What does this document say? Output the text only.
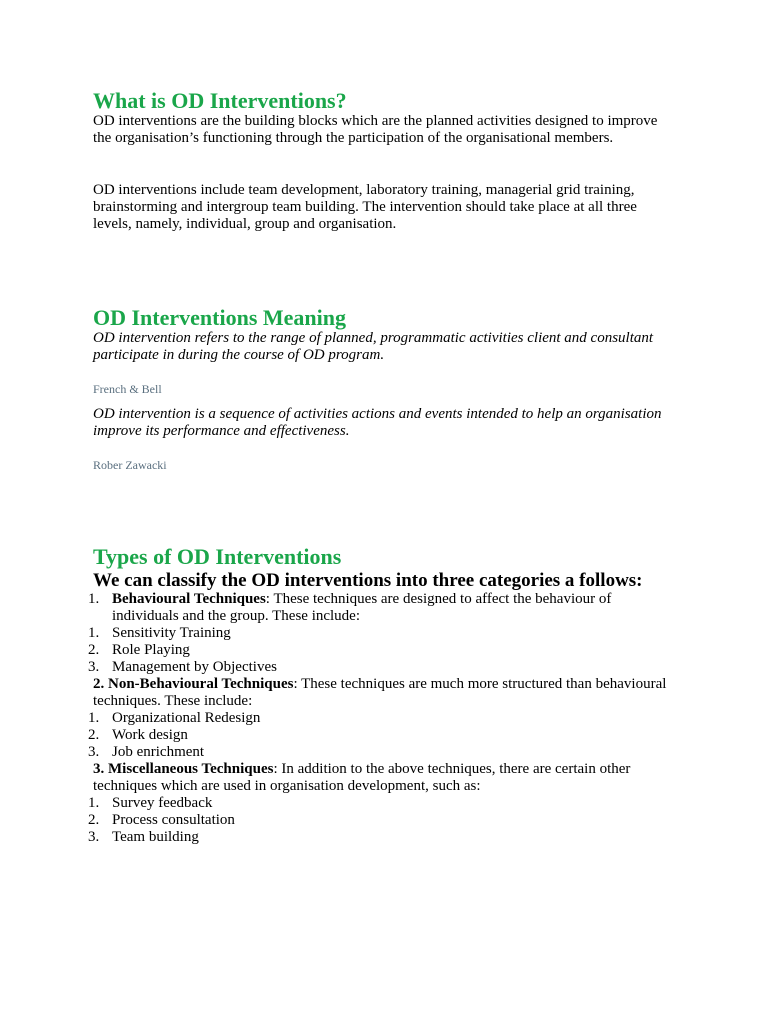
What is OD Interventions?

OD interventions are the building blocks which are the planned activities designed to improve the organisation’s functioning through the participation of the organisational members.

OD interventions include team development, laboratory training, managerial grid training, brainstorming and intergroup team building. The intervention should take place at all three levels, namely, individual, group and organisation.

OD Interventions Meaning

OD intervention refers to the range of planned, programmatic activities client and consultant participate in during the course of OD program.

French & Bell

OD intervention is a sequence of activities actions and events intended to help an organisation improve its performance and effectiveness.

Rober Zawacki
Types of OD Interventions
We can classify the OD interventions into three categories a follows:
1. Behavioural Techniques: These techniques are designed to affect the behaviour of individuals and the group. These include:
1. Sensitivity Training
2. Role Playing
3. Management by Objectives
2. Non-Behavioural Techniques: These techniques are much more structured than behavioural techniques. These include:
1. Organizational Redesign
2. Work design
3. Job enrichment
3. Miscellaneous Techniques: In addition to the above techniques, there are certain other techniques which are used in organisation development, such as:
1. Survey feedback
2. Process consultation
3. Team building
